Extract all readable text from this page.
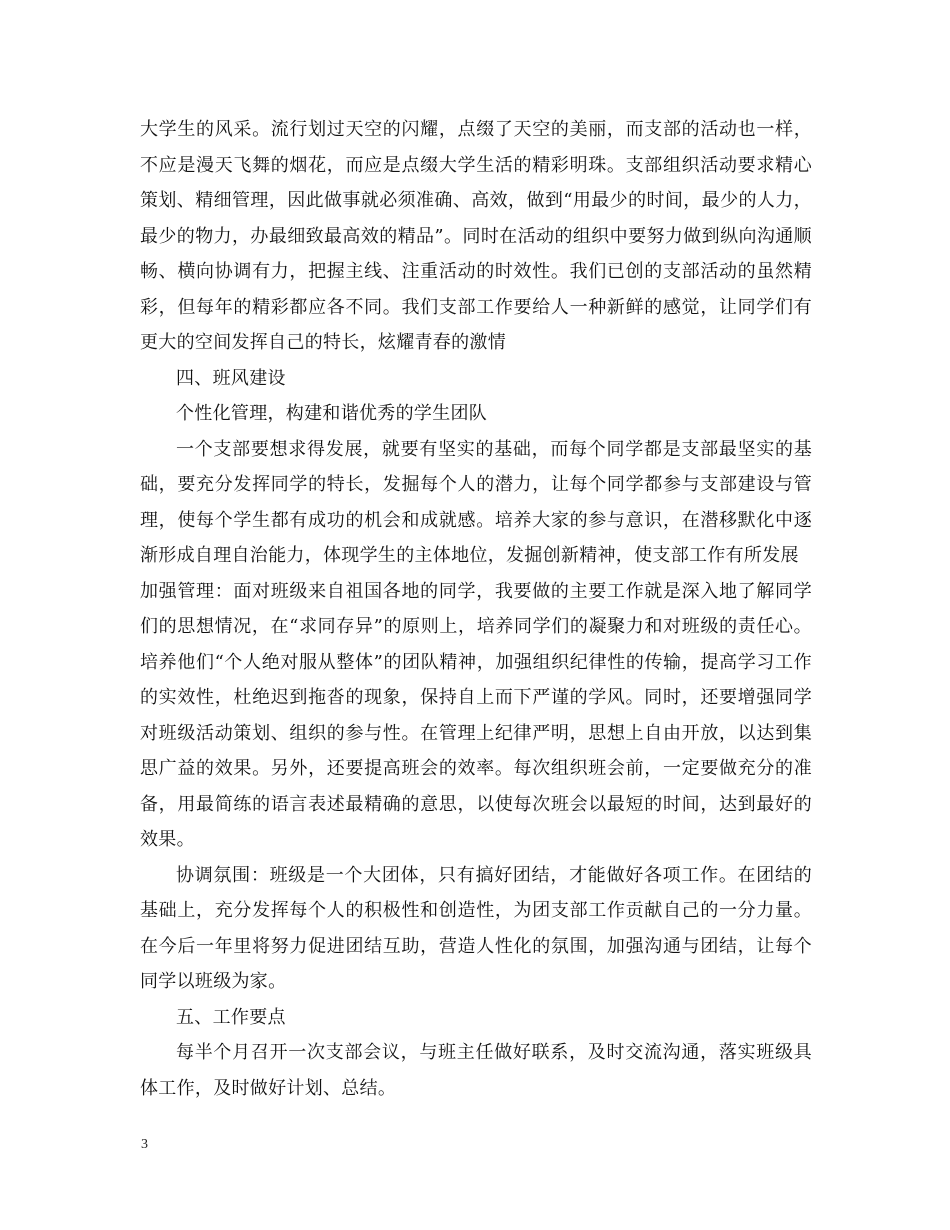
大学生的风采。流行划过天空的闪耀，点缀了天空的美丽，而支部的活动也一样，不应是漫天飞舞的烟花，而应是点缀大学生活的精彩明珠。支部组织活动要求精心策划、精细管理，因此做事就必须准确、高效，做到“用最少的时间，最少的人力，最少的物力，办最细致最高效的精品”。同时在活动的组织中要努力做到纵向沟通顺畅、横向协调有力，把握主线、注重活动的时效性。我们已创的支部活动的虽然精彩，但每年的精彩都应各不同。我们支部工作要给人一种新鲜的感觉，让同学们有更大的空间发挥自己的特长，炫耀青春的激情

四、班风建设

个性化管理，构建和谐优秀的学生团队

一个支部要想求得发展，就要有坚实的基础，而每个同学都是支部最坚实的基础，要充分发挥同学的特长，发掘每个人的潜力，让每个同学都参与支部建设与管理，使每个学生都有成功的机会和成就感。培养大家的参与意识，在潜移默化中逐渐形成自理自治能力，体现学生的主体地位，发掘创新精神，使支部工作有所发展

加强管理：面对班级来自祖国各地的同学，我要做的主要工作就是深入地了解同学们的思想情况，在“求同存异”的原则上，培养同学们的凝聚力和对班级的责任心。培养他们“个人绝对服从整体”的团队精神，加强组织纪律性的传输，提高学习工作的实效性，杜绝迟到拖沓的现象，保持自上而下严谨的学风。同时，还要增强同学对班级活动策划、组织的参与性。在管理上纪律严明，思想上自由开放，以达到集思广益的效果。另外，还要提高班会的效率。每次组织班会前，一定要做充分的准备，用最简练的语言表述最精确的意思，以使每次班会以最短的时间，达到最好的效果。

协调氛围：班级是一个大团体，只有搞好团结，才能做好各项工作。在团结的基础上，充分发挥每个人的积极性和创造性，为团支部工作贡献自己的一分力量。在今后一年里将努力促进团结互助，营造人性化的氛围，加强沟通与团结，让每个同学以班级为家。

五、工作要点

每半个月召开一次支部会议，与班主任做好联系，及时交流沟通，落实班级具体工作，及时做好计划、总结。

3
